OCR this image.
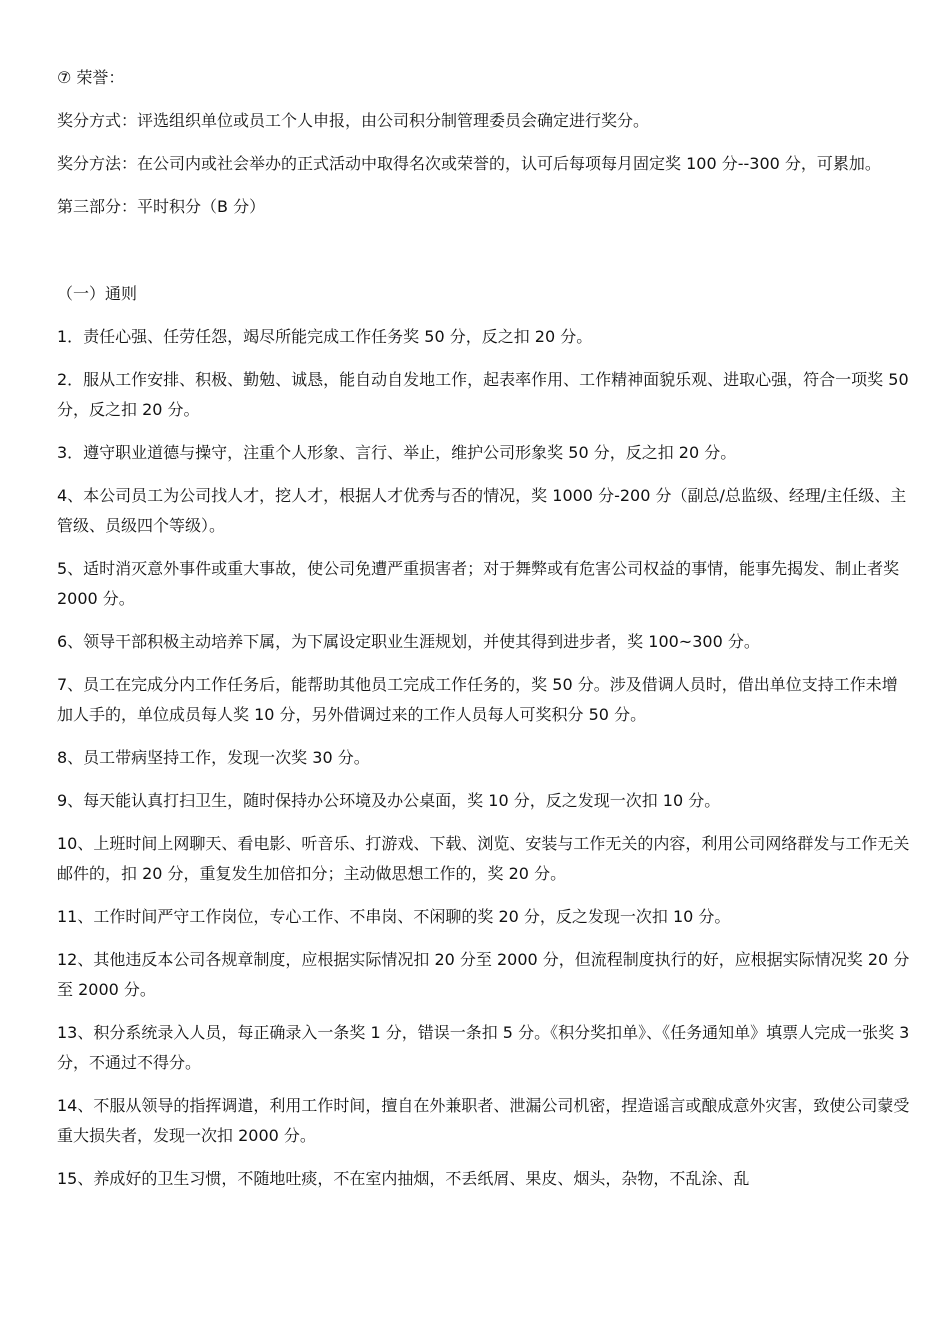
⑦ 荣誉：

奖分方式：评选组织单位或员工个人申报，由公司积分制管理委员会确定进行奖分。

奖分方法：在公司内或社会举办的正式活动中取得名次或荣誉的，认可后每项每月固定奖 100 分--300 分，可累加。

第三部分：平时积分（B 分）

（一）通则

1．责任心强、任劳任怨，竭尽所能完成工作任务奖 50 分，反之扣 20 分。

2．服从工作安排、积极、勤勉、诚恳，能自动自发地工作，起表率作用、工作精神面貌乐观、进取心强，符合一项奖 50 分，反之扣 20 分。

3．遵守职业道德与操守，注重个人形象、言行、举止，维护公司形象奖 50 分，反之扣 20 分。

4、本公司员工为公司找人才，挖人才，根据人才优秀与否的情况，奖 1000 分-200 分（副总/总监级、经理/主任级、主管级、员级四个等级）。

5、适时消灭意外事件或重大事故，使公司免遭严重损害者；对于舞弊或有危害公司权益的事情，能事先揭发、制止者奖 2000 分。

6、领导干部积极主动培养下属，为下属设定职业生涯规划，并使其得到进步者，奖 100~300 分。

7、员工在完成分内工作任务后，能帮助其他员工完成工作任务的，奖 50 分。涉及借调人员时，借出单位支持工作未增加人手的，单位成员每人奖 10 分，另外借调过来的工作人员每人可奖积分 50 分。

8、员工带病坚持工作，发现一次奖 30 分。

9、每天能认真打扫卫生，随时保持办公环境及办公桌面，奖 10 分，反之发现一次扣 10 分。

10、上班时间上网聊天、看电影、听音乐、打游戏、下载、浏览、安装与工作无关的内容，利用公司网络群发与工作无关邮件的，扣 20 分，重复发生加倍扣分；主动做思想工作的，奖 20 分。

11、工作时间严守工作岗位，专心工作、不串岗、不闲聊的奖 20 分，反之发现一次扣 10 分。

12、其他违反本公司各规章制度，应根据实际情况扣 20 分至 2000 分，但流程制度执行的好，应根据实际情况奖 20 分至 2000 分。

13、积分系统录入人员，每正确录入一条奖 1 分，错误一条扣 5 分。《积分奖扣单》、《任务通知单》填票人完成一张奖 3 分，不通过不得分。

14、不服从领导的指挥调遣，利用工作时间，擅自在外兼职者、泄漏公司机密，捏造谣言或酿成意外灾害，致使公司蒙受重大损失者，发现一次扣 2000 分。

15、养成好的卫生习惯，不随地吐痰，不在室内抽烟，不丢纸屑、果皮、烟头，杂物，不乱涂、乱
